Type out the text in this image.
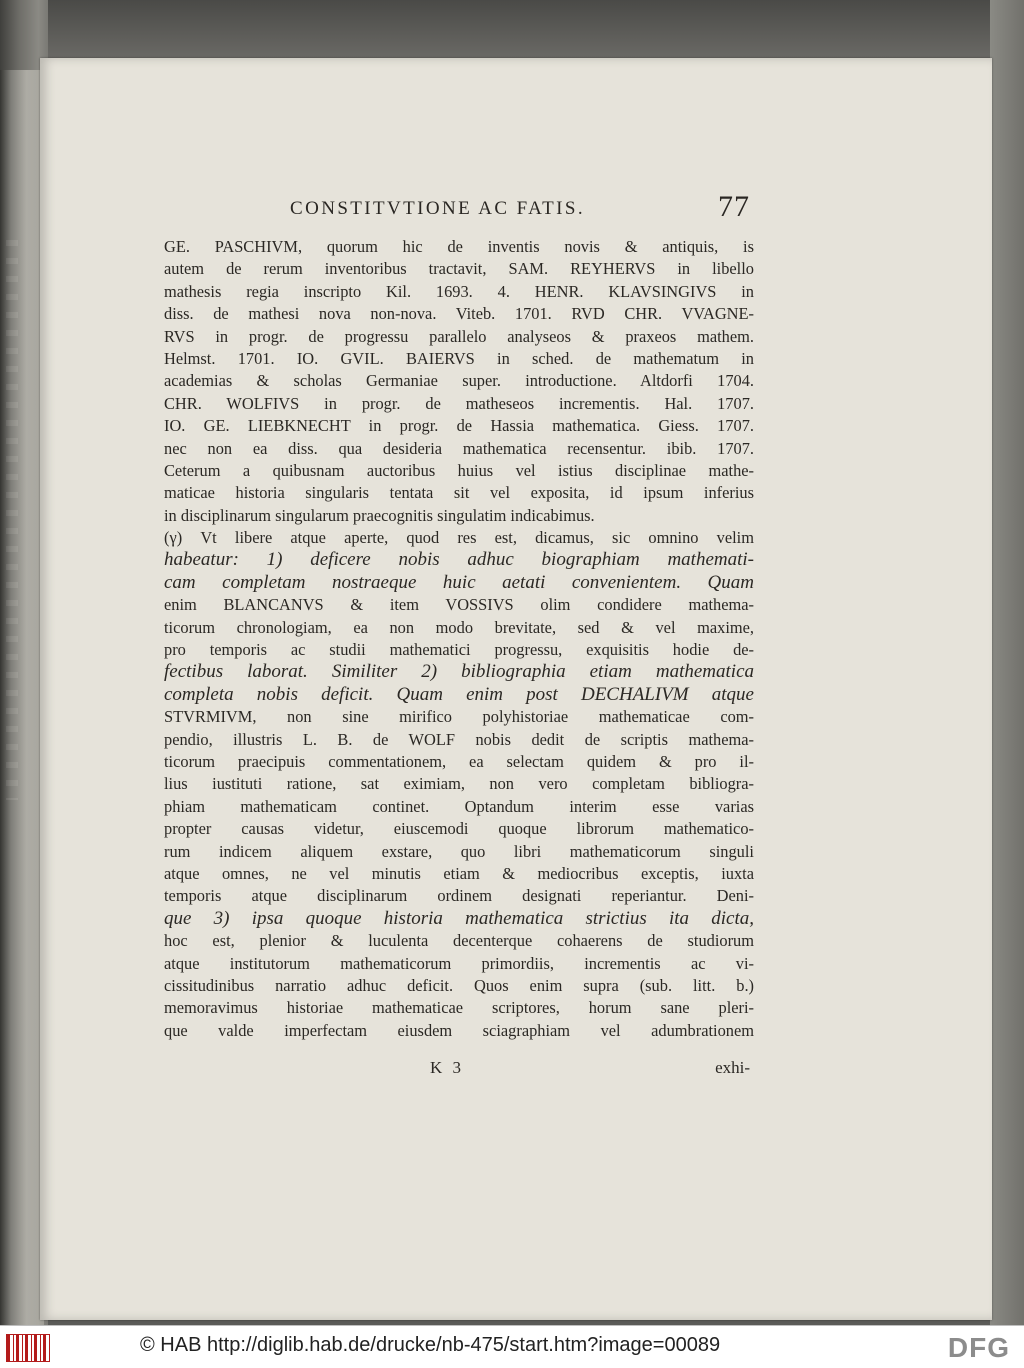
CONSTITVTIONE AC FATIS.	77
GE. PASCHIVM, quorum hic de inventis novis & antiquis, is
autem de rerum inventoribus tractavit, SAM. REYHERVS in libello
mathesis regia inscripto Kil. 1693. 4. HENR. KLAVSINGIVS in
diss. de mathesi nova non-nova. Viteb. 1701. RVD CHR. VVAGNE-
RVS in progr. de progressu parallelo analyseos & praxeos mathem.
Helmst. 1701. IO. GVIL. BAIERVS in sched. de mathematum in
academias & scholas Germaniae super. introductione. Altdorfi 1704.
CHR. WOLFIVS in progr. de matheseos incrementis. Hal. 1707.
IO. GE. LIEBKNECHT in progr. de Hassia mathematica. Giess. 1707.
nec non ea diss. qua desideria mathematica recensentur. ibib. 1707.
Ceterum a quibusnam auctoribus huius vel istius disciplinae mathe-
maticae historia singularis tentata sit vel exposita, id ipsum inferius
in disciplinarum singularum praecognitis singulatim indicabimus.
(γ) Vt libere atque aperte, quod res est, dicamus, sic omnino velim
habeatur: 1) deficere nobis adhuc biographiam mathemati-
cam completam nostraeque huic aetati convenientem. Quam
enim BLANCANVS & item VOSSIVS olim condidere mathema-
ticorum chronologiam, ea non modo brevitate, sed & vel maxime,
pro temporis ac studii mathematici progressu, exquisitis hodie de-
fectibus laborat. Similiter 2) bibliographia etiam mathematica
completa nobis deficit. Quam enim post DECHALIVM atque
STVRMIVM, non sine mirifico polyhistoriae mathematicae com-
pendio, illustris L. B. de WOLF nobis dedit de scriptis mathema-
ticorum praecipuis commentationem, ea selectam quidem & pro il-
lius iustituti ratione, sat eximiam, non vero completam bibliogra-
phiam mathematicam continet. Optandum interim esse varias
propter causas videtur, eiuscemodi quoque librorum mathematico-
rum indicem aliquem exstare, quo libri mathematicorum singuli
atque omnes, ne vel minutis etiam & mediocribus exceptis, iuxta
temporis atque disciplinarum ordinem designati reperiantur. Deni-
que 3) ipsa quoque historia mathematica strictius ita dicta,
hoc est, plenior & luculenta decenterque cohaerens de studiorum
atque institutorum mathematicorum primordiis, incrementis ac vi-
cissitudinibus narratio adhuc deficit. Quos enim supra (sub. litt. b.)
memoravimus historiae mathematicae scriptores, horum sane pleri-
que valde imperfectam eiusdem sciagraphiam vel adumbrationem
K 3	exhi-
© HAB http://diglib.hab.de/drucke/nb-475/start.htm?image=00089	DFG
